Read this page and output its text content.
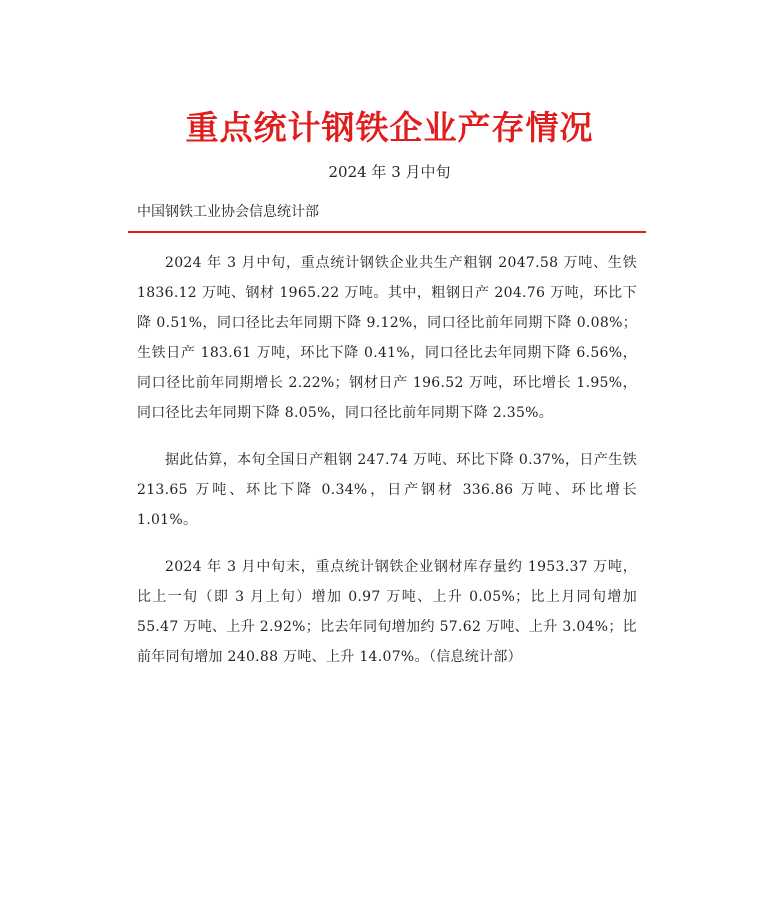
重点统计钢铁企业产存情况

2024 年 3 月中旬

中国钢铁工业协会信息统计部

2024 年 3 月中旬，重点统计钢铁企业共生产粗钢 2047.58 万吨、生铁 1836.12 万吨、钢材 1965.22 万吨。其中，粗钢日产 204.76 万吨，环比下降 0.51%，同口径比去年同期下降 9.12%，同口径比前年同期下降 0.08%；生铁日产 183.61 万吨，环比下降 0.41%，同口径比去年同期下降 6.56%，同口径比前年同期增长 2.22%；钢材日产 196.52 万吨，环比增长 1.95%，同口径比去年同期下降 8.05%，同口径比前年同期下降 2.35%。

据此估算，本旬全国日产粗钢 247.74 万吨、环比下降 0.37%，日产生铁 213.65 万吨、环比下降 0.34%，日产钢材 336.86 万吨、环比增长 1.01%。

2024 年 3 月中旬末，重点统计钢铁企业钢材库存量约 1953.37 万吨，比上一旬（即 3 月上旬）增加 0.97 万吨、上升 0.05%；比上月同旬增加 55.47 万吨、上升 2.92%；比去年同旬增加约 57.62 万吨、上升 3.04%；比前年同旬增加 240.88 万吨、上升 14.07%。（信息统计部）
